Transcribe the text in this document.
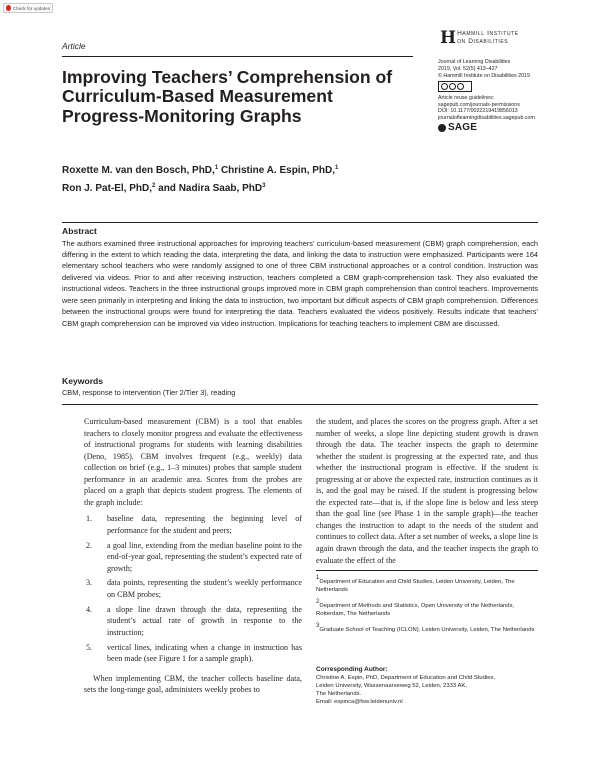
Check for updates
Article	H Hammill Institute
on Disabilities
Journal of Learning Disabilities
2019, Vol. 52(5) 413–427
© Hammill Institute on Disabilities 2019
Article reuse guidelines:
sagepub.com/journals-permissions
DOI: 10.1177/0022219419856013
journaloflearningdisabilities.sagepub.com
SAGE
Improving Teachers’ Comprehension of Curriculum-Based Measurement Progress-Monitoring Graphs
Roxette M. van den Bosch, PhD,$^1$ Christine A. Espin, PhD,$^1$
Ron J. Pat-El, PhD,$^2$ and Nadira Saab, PhD$^3$
Abstract
The authors examined three instructional approaches for improving teachers’ curriculum-based measurement (CBM) graph comprehension, each differing in the extent to which reading the data, interpreting the data, and linking the data to instruction were emphasized. Participants were 164 elementary school teachers who were randomly assigned to one of three CBM instructional approaches or a control condition. Instruction was delivered via videos. Prior to and after receiving instruction, teachers completed a CBM graph-comprehension task. They also evaluated the instructional videos. Teachers in the three instructional groups improved more in CBM graph comprehension than control teachers. Improvements were seen primarily in interpreting and linking the data to instruction, two important but difficult aspects of CBM graph comprehension. Differences between the instructional groups were found for interpreting the data. Teachers evaluated the videos positively. Results indicate that teachers’ CBM graph comprehension can be improved via video instruction. Implications for teaching teachers to implement CBM are discussed.
Keywords
CBM, response to intervention (Tier 2/Tier 3), reading

Curriculum-based measurement (CBM) is a tool that enables teachers to closely monitor progress and evaluate the effectiveness of instructional programs for students with learning disabilities (Deno, 1985). CBM involves frequent (e.g., weekly) data collection on brief (e.g., 1–3 minutes) probes that sample student performance in an academic area. Scores from the probes are placed on a graph that depicts student progress. The elements of the graph include:

1. baseline data, representing the beginning level of performance for the student and peers;
2. a goal line, extending from the median baseline point to the end-of-year goal, representing the student’s expected rate of growth;
3. data points, representing the student’s weekly performance on CBM probes;
4. a slope line drawn through the data, representing the student’s actual rate of growth in response to the instruction;
5. vertical lines, indicating when a change in instruction has been made (see Figure 1 for a sample graph).

When implementing CBM, the teacher collects baseline data, sets the long-range goal, administers weekly probes to

the student, and places the scores on the progress graph. After a set number of weeks, a slope line depicting student growth is drawn through the data. The teacher inspects the graph to determine whether the student is progressing at the expected rate, and thus whether the instructional program is effective. If the student is progressing at or above the expected rate, instruction continues as it is, and the goal may be raised. If the student is progressing below the expected rate—that is, if the slope line is below and less steep than the goal line (see Phase 1 in the sample graph)—the teacher changes the instruction to adapt to the needs of the student and continues to collect data. After a set number of weeks, a slope line is again drawn through the data, and the teacher inspects the graph to evaluate the effect of the
1Department of Education and Child Studies, Leiden University, Leiden, The Netherlands
2Department of Methods and Statistics, Open University of the Netherlands, Rotterdam, The Netherlands
3Graduate School of Teaching (ICLON), Leiden University, Leiden, The Netherlands
Corresponding Author:
Christine A. Espin, PhD, Department of Education and Child Studies,
Leiden University, Wassenaarseweg 52, Leiden, 2333 AK,
The Netherlands.
Email: espinca@fsw.leidenuniv.nl
